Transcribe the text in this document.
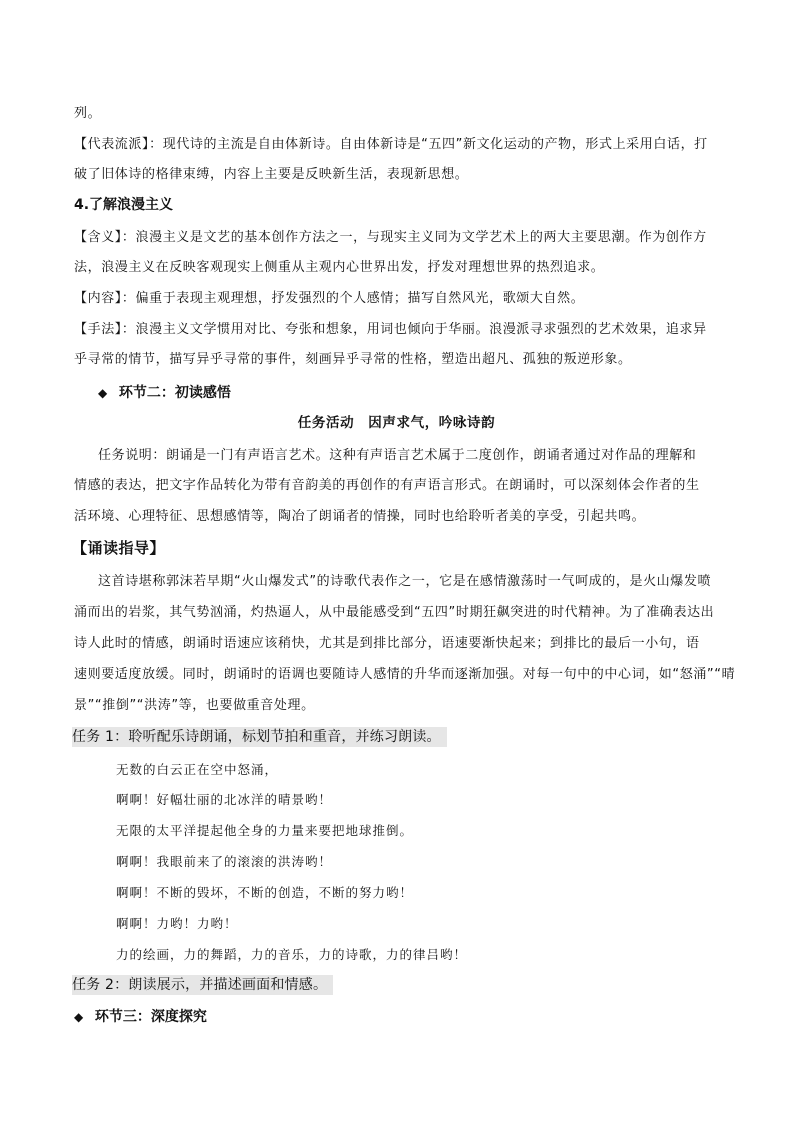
列。
【代表流派】：现代诗的主流是自由体新诗。自由体新诗是“五四”新文化运动的产物，形式上采用白话，打
破了旧体诗的格律束缚，内容上主要是反映新生活，表现新思想。
4.了解浪漫主义
【含义】：浪漫主义是文艺的基本创作方法之一，与现实主义同为文学艺术上的两大主要思潮。作为创作方
法，浪漫主义在反映客观现实上侧重从主观内心世界出发，抒发对理想世界的热烈追求。
【内容】：偏重于表现主观理想，抒发强烈的个人感情；描写自然风光，歌颂大自然。
【手法】：浪漫主义文学惯用对比、夸张和想象，用词也倾向于华丽。浪漫派寻求强烈的艺术效果，追求异
乎寻常的情节，描写异乎寻常的事件，刻画异乎寻常的性格，塑造出超凡、孤独的叛逆形象。
◆ 环节二：初读感悟
任务活动　因声求气，吟咏诗韵
任务说明：朗诵是一门有声语言艺术。这种有声语言艺术属于二度创作，朗诵者通过对作品的理解和
情感的表达，把文字作品转化为带有音韵美的再创作的有声语言形式。在朗诵时，可以深刻体会作者的生
活环境、心理特征、思想感情等，陶冶了朗诵者的情操，同时也给聆听者美的享受，引起共鸣。
【诵读指导】
这首诗堪称郭沫若早期“火山爆发式”的诗歌代表作之一，它是在感情激荡时一气呵成的，是火山爆发喷
涌而出的岩浆，其气势汹涌，灼热逼人，从中最能感受到“五四”时期狂飙突进的时代精神。为了准确表达出
诗人此时的情感，朗诵时语速应该稍快，尤其是到排比部分，语速要渐快起来；到排比的最后一小句，语
速则要适度放缓。同时，朗诵时的语调也要随诗人感情的升华而逐渐加强。对每一句中的中心词，如“怒涌”“晴
景”“推倒”“洪涛”等，也要做重音处理。
任务 1：聆听配乐诗朗诵，标划节拍和重音，并练习朗读。
无数的白云正在空中怒涌，
啊啊！好幅壮丽的北冰洋的晴景哟！
无限的太平洋提起他全身的力量来要把地球推倒。
啊啊！我眼前来了的滚滚的洪涛哟！
啊啊！不断的毁坏，不断的创造，不断的努力哟！
啊啊！力哟！力哟！
力的绘画，力的舞蹈，力的音乐，力的诗歌，力的律吕哟！
任务 2：朗读展示，并描述画面和情感。
◆ 环节三：深度探究
